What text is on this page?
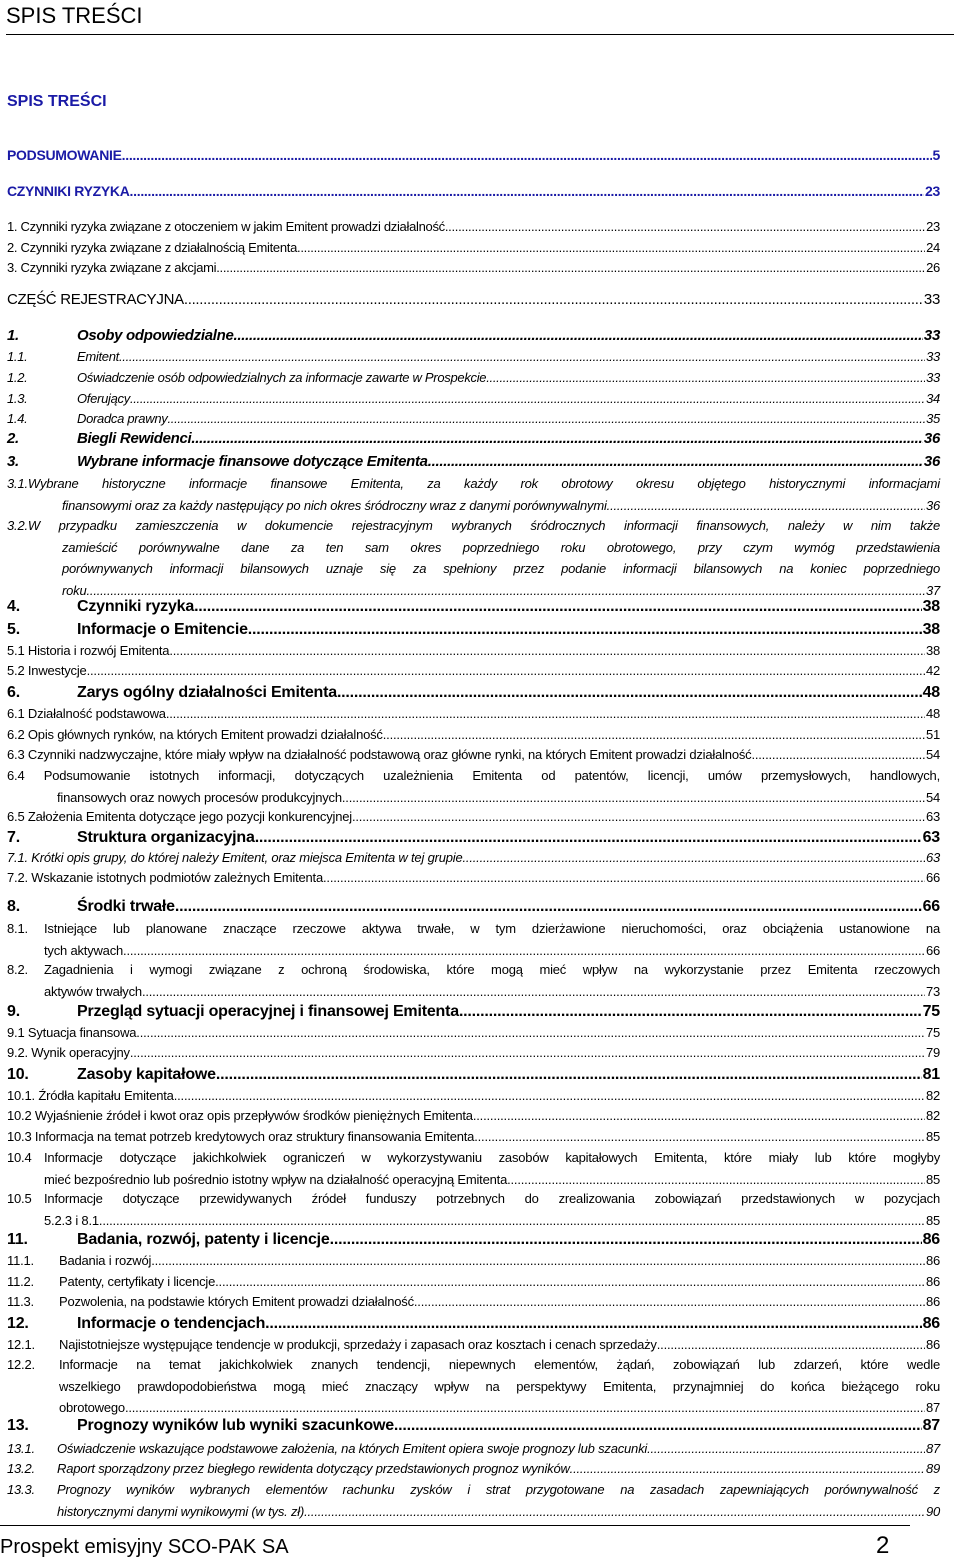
SPIS TREŚCI
SPIS TREŚCI
PODSUMOWANIE .....	5
CZYNNIKI RYZYKA .....	23
1. Czynniki ryzyka związane z otoczeniem w jakim Emitent prowadzi działalność .....	23
2. Czynniki ryzyka związane z działalnością Emitenta .....	24
3. Czynniki ryzyka związane z akcjami .....	26
CZĘŚĆ REJESTRACYJNA .....	33
1.	Osoby odpowiedzialne .....	33
1.1.	Emitent .....	33
1.2.	Oświadczenie osób odpowiedzialnych za informacje zawarte w Prospekcie .....	33
1.3.	Oferujący .....	34
1.4.	Doradca prawny .....	35
2.	Biegli Rewidenci .....	36
3.	Wybrane informacje finansowe dotyczące Emitenta .....	36
3.1. Wybrane historyczne informacje finansowe Emitenta, za każdy rok obrotowy okresu objętego historycznymi informacjami
finansowymi oraz za każdy następujący po nich okres śródroczny wraz z danymi porównywalnymi. .....	36
3.2. W przypadku zamieszczenia w dokumencie rejestracyjnym wybranych śródrocznych informacji finansowych, należy w nim także
zamieścić porównywalne dane za ten sam okres poprzedniego roku obrotowego, przy czym wymóg przedstawienia
porównywanych informacji bilansowych uznaje się za spełniony przez podanie informacji bilansowych na koniec poprzedniego
roku .....	37
4.	Czynniki ryzyka .....	38
5.	Informacje o Emitencie .....	38
5.1 Historia i rozwój Emitenta .....	38
5.2 Inwestycje .....	42
6.	Zarys ogólny działalności Emitenta .....	48
6.1 Działalność podstawowa .....	48
6.2 Opis głównych rynków, na których Emitent prowadzi działalność .....	51
6.3 Czynniki nadzwyczajne, które miały wpływ na działalność podstawową oraz główne rynki, na których Emitent prowadzi działalność. .....	54
6.4 Podsumowanie istotnych informacji, dotyczących uzależnienia Emitenta od patentów, licencji, umów przemysłowych, handlowych,
finansowych oraz nowych procesów produkcyjnych .....	54
6.5 Założenia Emitenta dotyczące jego pozycji konkurencyjnej .....	63
7.	Struktura organizacyjna .....	63
7.1. Krótki opis grupy, do której należy Emitent, oraz miejsca Emitenta w tej grupie .....	63
7.2. Wskazanie istotnych podmiotów zależnych Emitenta .....	66
8.	Środki trwałe .....	66
8.1.	Istniejące lub planowane znaczące rzeczowe aktywa trwałe, w tym dzierżawione nieruchomości, oraz obciążenia ustanowione na
tych aktywach .....	66
8.2.	Zagadnienia i wymogi związane z ochroną środowiska, które mogą mieć wpływ na wykorzystanie przez Emitenta rzeczowych
aktywów trwałych .....	73
9.	Przegląd sytuacji operacyjnej i finansowej Emitenta .....	75
9.1 Sytuacja finansowa .....	75
9.2. Wynik operacyjny .....	79
10.	Zasoby kapitałowe .....	81
10.1. Źródła kapitału Emitenta .....	82
10.2 Wyjaśnienie źródeł i kwot oraz opis przepływów środków pieniężnych Emitenta .....	82
10.3 Informacja na temat potrzeb kredytowych oraz struktury finansowania Emitenta .....	85
10.4 Informacje dotyczące jakichkolwiek ograniczeń w wykorzystywaniu zasobów kapitałowych Emitenta, które miały lub które mogłyby
mieć bezpośrednio lub pośrednio istotny wpływ na działalność operacyjną Emitenta .....	85
10.5 Informacje dotyczące przewidywanych źródeł funduszy potrzebnych do zrealizowania zobowiązań przedstawionych w pozycjach
5.2.3 i 8.1. .....	85
11.	Badania, rozwój, patenty i licencje .....	86
11.1.	Badania i rozwój .....	86
11.2.	Patenty, certyfikaty i licencje .....	86
11.3.	Pozwolenia, na podstawie których Emitent prowadzi działalność .....	86
12.	Informacje o tendencjach .....	86
12.1.	Najistotniejsze występujące tendencje w produkcji, sprzedaży i zapasach oraz kosztach i cenach sprzedaży .....	86
12.2.	Informacje na temat jakichkolwiek znanych tendencji, niepewnych elementów, żądań, zobowiązań lub zdarzeń, które wedle
wszelkiego prawdopodobieństwa mogą mieć znaczący wpływ na perspektywy Emitenta, przynajmniej do końca bieżącego roku
obrotowego. .....	87
13.	Prognozy wyników lub wyniki szacunkowe .....	87
13.1.	Oświadczenie wskazujące podstawowe założenia, na których Emitent opiera swoje prognozy lub szacunki. .....	87
13.2.	Raport sporządzony przez biegłego rewidenta dotyczący przedstawionych prognoz wyników .....	89
13.3.	Prognozy wyników wybranych elementów rachunku zysków i strat przygotowane na zasadach zapewniających porównywalność z
historycznymi danymi wynikowymi (w tys. zł) .....	90
Prospekt emisyjny SCO-PAK SA	2
